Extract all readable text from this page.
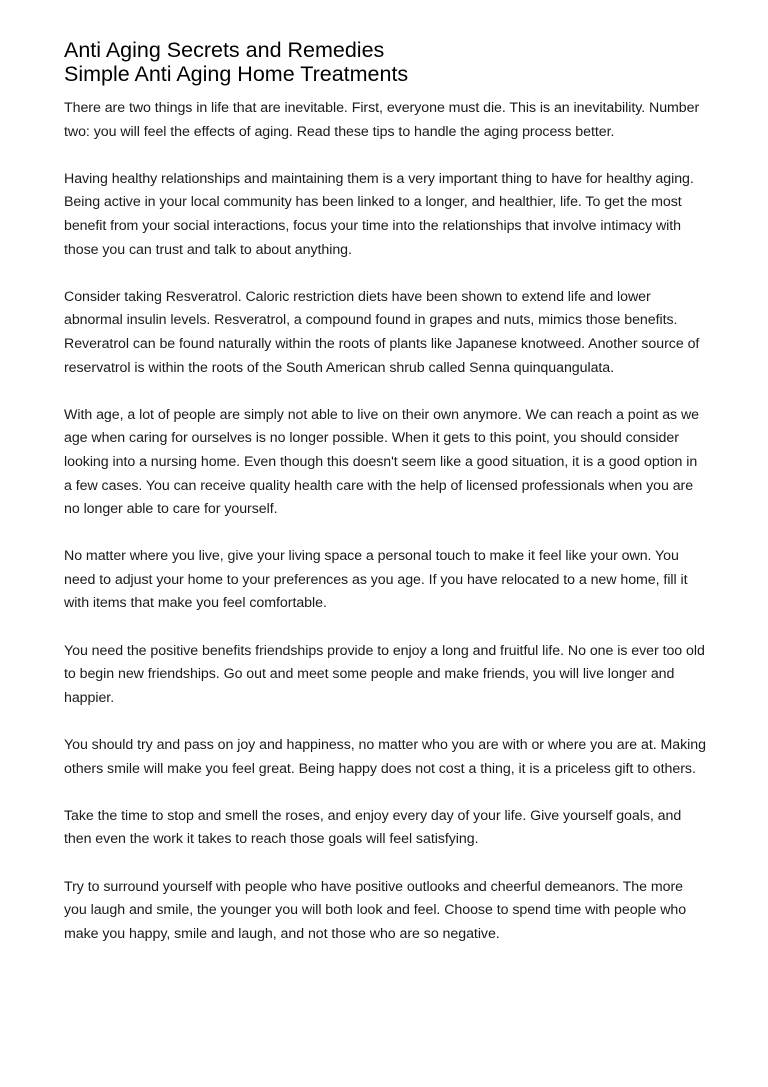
Anti Aging Secrets and Remedies
Simple Anti Aging Home Treatments

There are two things in life that are inevitable. First, everyone must die. This is an inevitability. Number two: you will feel the effects of aging. Read these tips to handle the aging process better.

Having healthy relationships and maintaining them is a very important thing to have for healthy aging. Being active in your local community has been linked to a longer, and healthier, life. To get the most benefit from your social interactions, focus your time into the relationships that involve intimacy with those you can trust and talk to about anything.

Consider taking Resveratrol. Caloric restriction diets have been shown to extend life and lower abnormal insulin levels. Resveratrol, a compound found in grapes and nuts, mimics those benefits. Reveratrol can be found naturally within the roots of plants like Japanese knotweed. Another source of reservatrol is within the roots of the South American shrub called Senna quinquangulata.

With age, a lot of people are simply not able to live on their own anymore. We can reach a point as we age when caring for ourselves is no longer possible. When it gets to this point, you should consider looking into a nursing home. Even though this doesn't seem like a good situation, it is a good option in a few cases. You can receive quality health care with the help of licensed professionals when you are no longer able to care for yourself.

No matter where you live, give your living space a personal touch to make it feel like your own. You need to adjust your home to your preferences as you age. If you have relocated to a new home, fill it with items that make you feel comfortable.

You need the positive benefits friendships provide to enjoy a long and fruitful life. No one is ever too old to begin new friendships. Go out and meet some people and make friends, you will live longer and happier.

You should try and pass on joy and happiness, no matter who you are with or where you are at. Making others smile will make you feel great. Being happy does not cost a thing, it is a priceless gift to others.

Take the time to stop and smell the roses, and enjoy every day of your life. Give yourself goals, and then even the work it takes to reach those goals will feel satisfying.

Try to surround yourself with people who have positive outlooks and cheerful demeanors. The more you laugh and smile, the younger you will both look and feel. Choose to spend time with people who make you happy, smile and laugh, and not those who are so negative.
